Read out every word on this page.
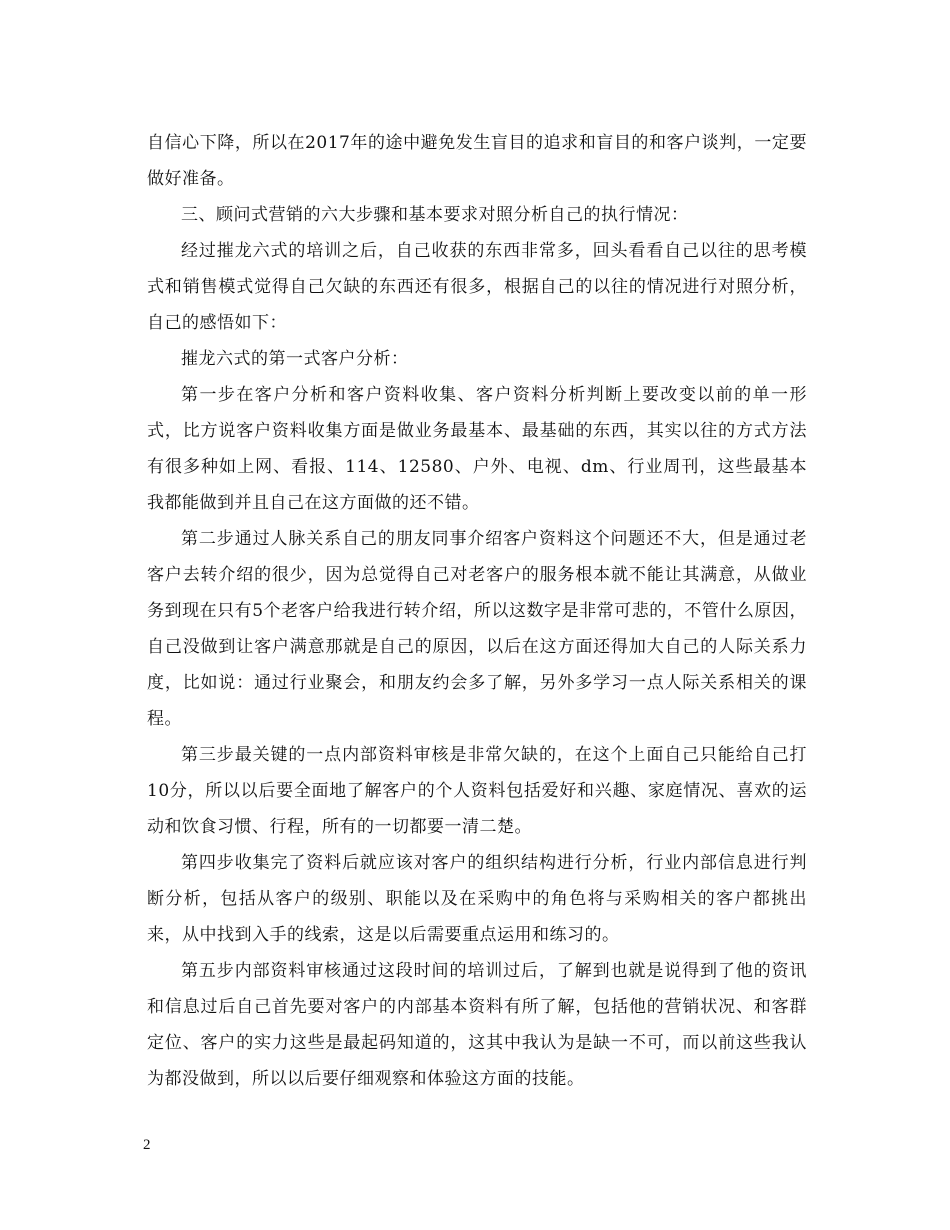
自信心下降，所以在2017年的途中避免发生盲目的追求和盲目的和客户谈判，一定要做好准备。

三、顾问式营销的六大步骤和基本要求对照分析自己的执行情况：

经过摧龙六式的培训之后，自己收获的东西非常多，回头看看自己以往的思考模式和销售模式觉得自己欠缺的东西还有很多，根据自己的以往的情况进行对照分析，自己的感悟如下：

摧龙六式的第一式客户分析：

第一步在客户分析和客户资料收集、客户资料分析判断上要改变以前的单一形式，比方说客户资料收集方面是做业务最基本、最基础的东西，其实以往的方式方法有很多种如上网、看报、114、12580、户外、电视、dm、行业周刊，这些最基本我都能做到并且自己在这方面做的还不错。

第二步通过人脉关系自己的朋友同事介绍客户资料这个问题还不大，但是通过老客户去转介绍的很少，因为总觉得自己对老客户的服务根本就不能让其满意，从做业务到现在只有5个老客户给我进行转介绍，所以这数字是非常可悲的，不管什么原因，自己没做到让客户满意那就是自己的原因，以后在这方面还得加大自己的人际关系力度，比如说：通过行业聚会，和朋友约会多了解，另外多学习一点人际关系相关的课程。

第三步最关键的一点内部资料审核是非常欠缺的，在这个上面自己只能给自己打10分，所以以后要全面地了解客户的个人资料包括爱好和兴趣、家庭情况、喜欢的运动和饮食习惯、行程，所有的一切都要一清二楚。

第四步收集完了资料后就应该对客户的组织结构进行分析，行业内部信息进行判断分析，包括从客户的级别、职能以及在采购中的角色将与采购相关的客户都挑出来，从中找到入手的线索，这是以后需要重点运用和练习的。

第五步内部资料审核通过这段时间的培训过后，了解到也就是说得到了他的资讯和信息过后自己首先要对客户的内部基本资料有所了解，包括他的营销状况、和客群定位、客户的实力这些是最起码知道的，这其中我认为是缺一不可，而以前这些我认为都没做到，所以以后要仔细观察和体验这方面的技能。

2
